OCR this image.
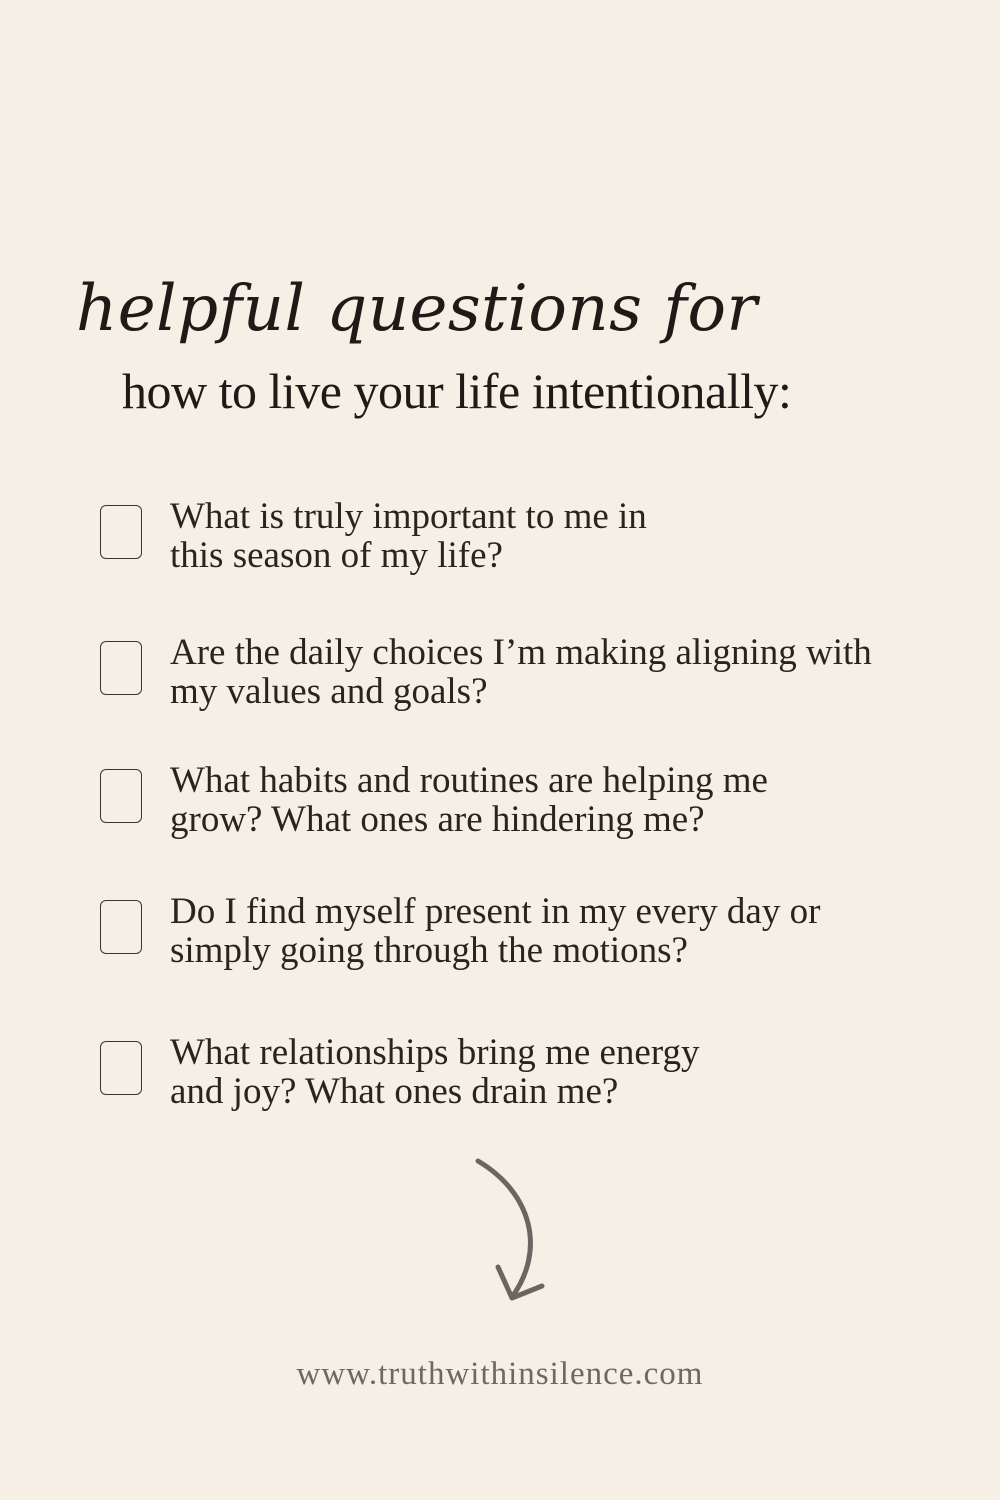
helpful questions for
how to live your life intentionally:
What is truly important to me in
this season of my life?
Are the daily choices I’m making aligning with
my values and goals?
What habits and routines are helping me
grow? What ones are hindering me?
Do I find myself present in my every day or
simply going through the motions?
What relationships bring me energy
and joy? What ones drain me?
www.truthwithinsilence.com
